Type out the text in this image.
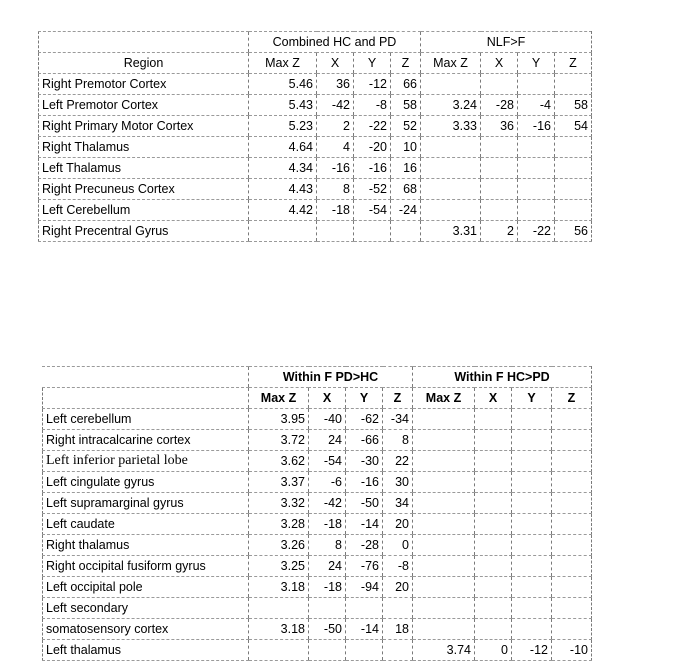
	Combined HC and PD				NLF>F			
Region	Max Z	X	Y	Z	Max Z	X	Y	Z
Right Premotor Cortex	5.46	36	-12	66				
Left Premotor Cortex	5.43	-42	-8	58	3.24	-28	-4	58
Right Primary Motor Cortex	5.23	2	-22	52	3.33	36	-16	54
Right Thalamus	4.64	4	-20	10				
Left Thalamus	4.34	-16	-16	16				
Right Precuneus Cortex	4.43	8	-52	68				
Left Cerebellum	4.42	-18	-54	-24				
Right Precentral Gyrus					3.31	2	-22	56
	Within F PD>HC				Within F HC>PD			
	Max Z	X	Y	Z	Max Z	X	Y	Z
Left cerebellum	3.95	-40	-62	-34				
Right intracalcarine cortex	3.72	24	-66	8				
Left inferior parietal lobe	3.62	-54	-30	22				
Left cingulate gyrus	3.37	-6	-16	30				
Left supramarginal gyrus	3.32	-42	-50	34				
Left caudate	3.28	-18	-14	20				
Right thalamus	3.26	8	-28	0				
Right occipital fusiform gyrus	3.25	24	-76	-8				
Left occipital pole	3.18	-18	-94	20				
Left secondary								
somatosensory cortex	3.18	-50	-14	18				
Left thalamus					3.74	0	-12	-10
